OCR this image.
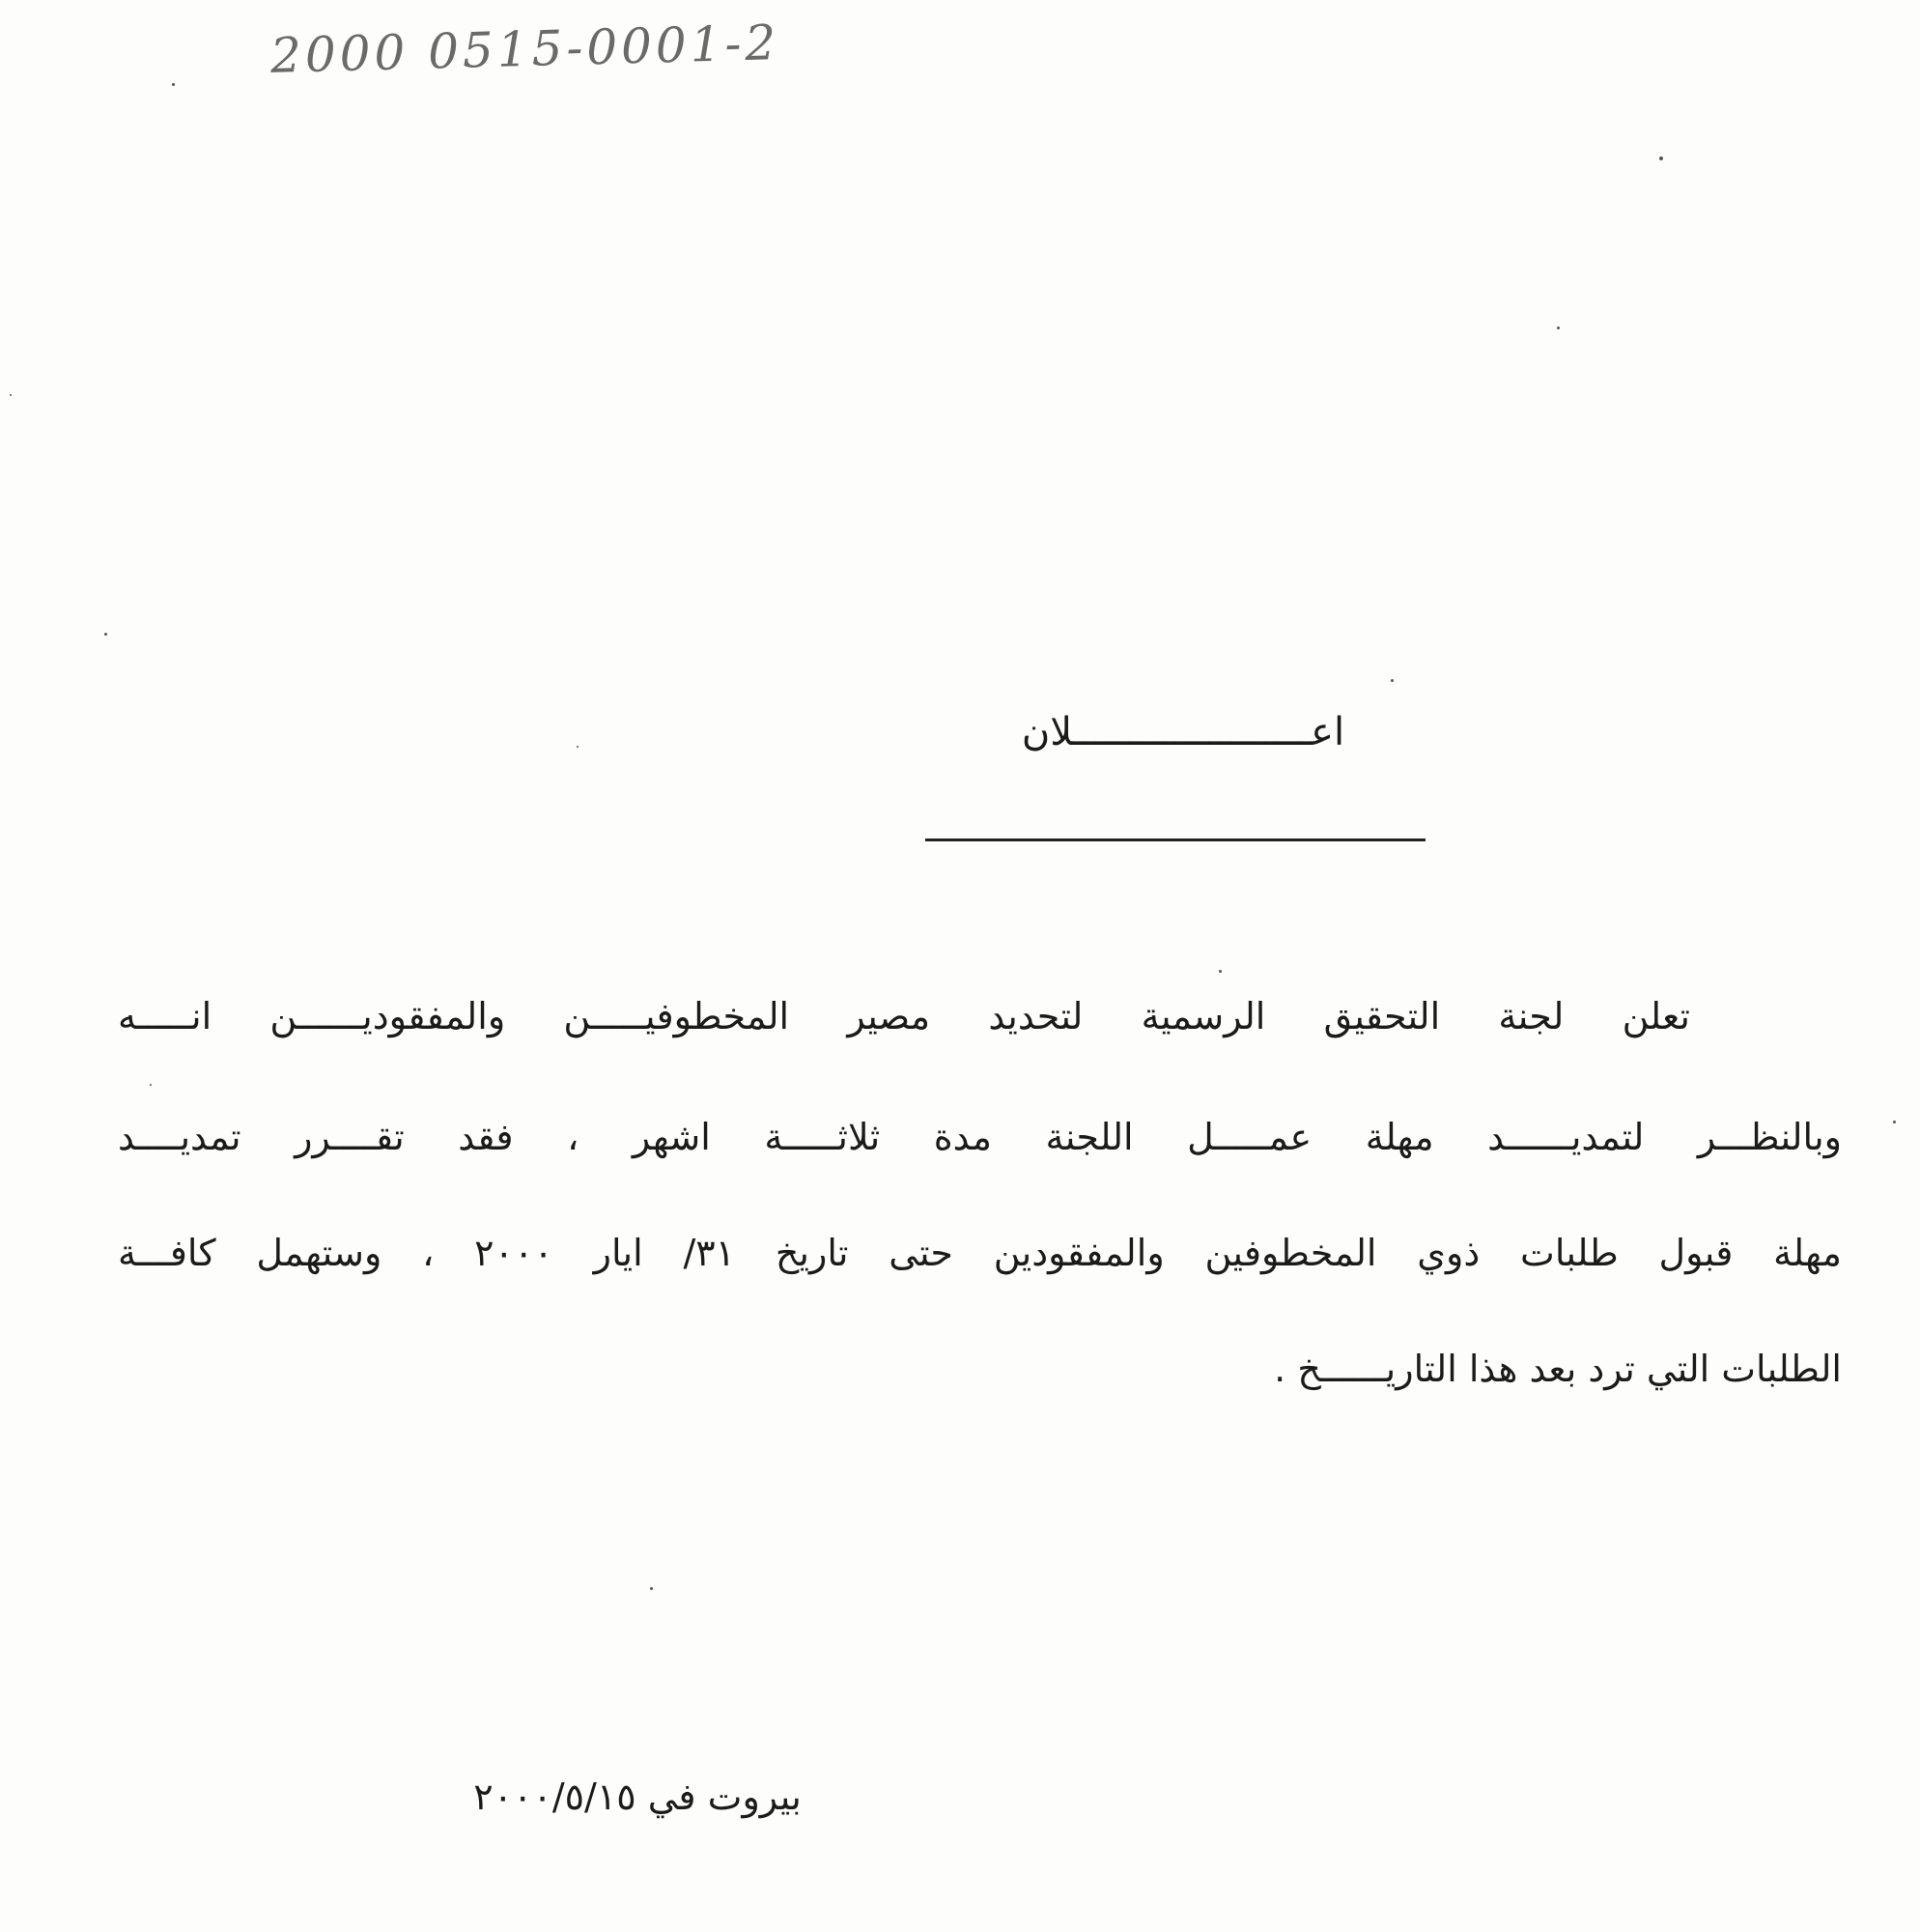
2000 0515-0001-2
اعـــــــــــــــــــــلان
تعلن لجنة التحقيق الرسمية لتحديد مصير المخطوفيـــــن والمفقوديــــــن انـــــه
وبالنظـــر لتمديــــــد مهلة عمـــــل اللجنة مدة ثلاثـــــة اشهر ، فقد تقــــرر تمديــــد
مهلة قبول طلبات ذوي المخطوفين والمفقودين حتى تاريخ ٣١/ ايار ٢٠٠٠ ، وستهمل كافـــة
الطلبات التي ترد بعد هذا التاريــــــخ .
بيروت في ٢٠٠٠/٥/١٥
